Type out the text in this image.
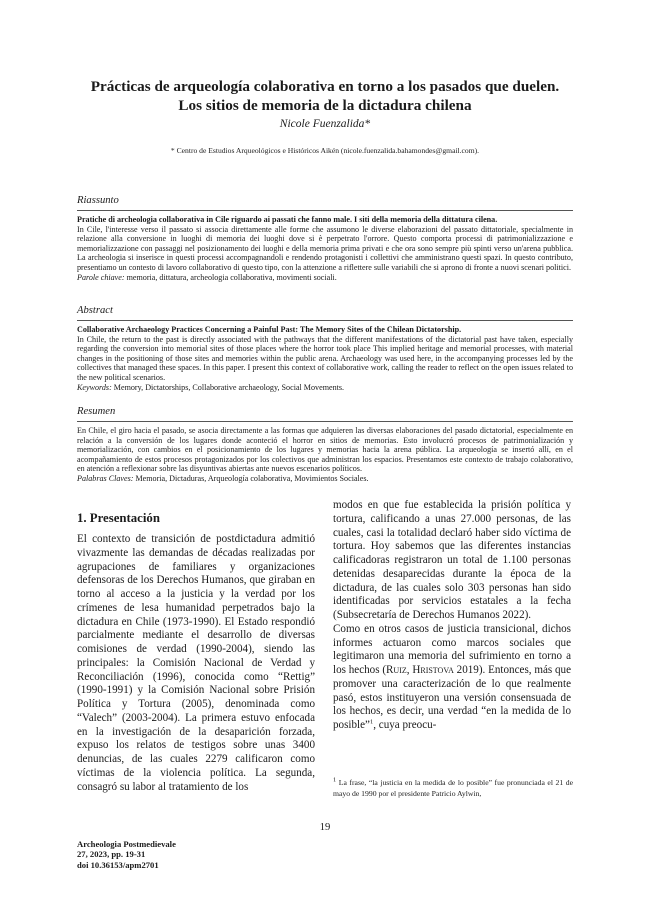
Prácticas de arqueología colaborativa en torno a los pasados que duelen.
Los sitios de memoria de la dictadura chilena
Nicole Fuenzalida*
* Centro de Estudios Arqueológicos e Históricos Aikén (nicole.fuenzalida.bahamondes@gmail.com).
Riassunto

Pratiche di archeologia collaborativa in Cile riguardo ai passati che fanno male. I siti della memoria della dittatura cilena.

In Cile, l'interesse verso il passato si associa direttamente alle forme che assumono le diverse elaborazioni del passato dittatoriale, specialmente in relazione alla conversione in luoghi di memoria dei luoghi dove si è perpetrato l'orrore. Questo comporta processi di patrimonializzazione e memorializzazione con passaggi nel posizionamento dei luoghi e della memoria prima privati e che ora sono sempre più spinti verso un'arena pubblica. La archeologia si inserisce in questi processi accompagnandoli e rendendo protagonisti i collettivi che amministrano questi spazi. In questo contributo, presentiamo un contesto di lavoro collaborativo di questo tipo, con la attenzione a riflettere sulle variabili che si aprono di fronte a nuovi scenari politici.

Parole chiave: memoria, dittatura, archeologia collaborativa, movimenti sociali.

Abstract

Collaborative Archaeology Practices Concerning a Painful Past: The Memory Sites of the Chilean Dictatorship.

In Chile, the return to the past is directly associated with the pathways that the different manifestations of the dictatorial past have taken, especially regarding the conversion into memorial sites of those places where the horror took place This implied heritage and memorial processes, with material changes in the positioning of those sites and memories within the public arena. Archaeology was used here, in the accompanying processes led by the collectives that managed these spaces. In this paper. I present this context of collaborative work, calling the reader to reflect on the open issues related to the new political scenarios.

Keywords: Memory, Dictatorships, Collaborative archaeology, Social Movements.

Resumen

En Chile, el giro hacia el pasado, se asocia directamente a las formas que adquieren las diversas elaboraciones del pasado dictatorial, especialmente en relación a la conversión de los lugares donde aconteció el horror en sitios de memorias. Esto involucró procesos de patrimonialización y memorialización, con cambios en el posicionamiento de los lugares y memorias hacia la arena pública. La arqueología se insertó allí, en el acompañamiento de estos procesos protagonizados por los colectivos que administran los espacios. Presentamos este contexto de trabajo colaborativo, en atención a reflexionar sobre las disyuntivas abiertas ante nuevos escenarios políticos.

Palabras Claves: Memoria, Dictaduras, Arqueología colaborativa, Movimientos Sociales.

1. Presentación

El contexto de transición de postdictadura admitió vivazmente las demandas de décadas realizadas por agrupaciones de familiares y organizaciones defensoras de los Derechos Humanos, que giraban en torno al acceso a la justicia y la verdad por los crímenes de lesa humanidad perpetrados bajo la dictadura en Chile (1973-1990). El Estado respondió parcialmente mediante el desarrollo de diversas comisiones de verdad (1990-2004), siendo las principales: la Comisión Nacional de Verdad y Reconciliación (1996), conocida como “Rettig” (1990-1991) y la Comisión Nacional sobre Prisión Política y Tortura (2005), denominada como “Valech” (2003-2004). La primera estuvo enfocada en la investigación de la desaparición forzada, expuso los relatos de testigos sobre unas 3400 denuncias, de las cuales 2279 calificaron como víctimas de la violencia política. La segunda, consagró su labor al tratamiento de los

modos en que fue establecida la prisión política y tortura, calificando a unas 27.000 personas, de las cuales, casi la totalidad declaró haber sido víctima de tortura. Hoy sabemos que las diferentes instancias calificadoras registraron un total de 1.100 personas detenidas desaparecidas durante la época de la dictadura, de las cuales solo 303 personas han sido identificadas por servicios estatales a la fecha (Subsecretaría de Derechos Humanos 2022).

Como en otros casos de justicia transicional, dichos informes actuaron como marcos sociales que legitimaron una memoria del sufrimiento en torno a los hechos (Ruiz, Hristova 2019). Entonces, más que promover una caracterización de lo que realmente pasó, estos instituyeron una versión consensuada de los hechos, es decir, una verdad “en la medida de lo posible”$^1$, cuya preocu-

$^1$ La frase, “la justicia en la medida de lo posible” fue pronunciada el 21 de mayo de 1990 por el presidente Patricio Aylwin,
19
Archeologia Postmedievale
27, 2023, pp. 19-31
doi 10.36153/apm2701
